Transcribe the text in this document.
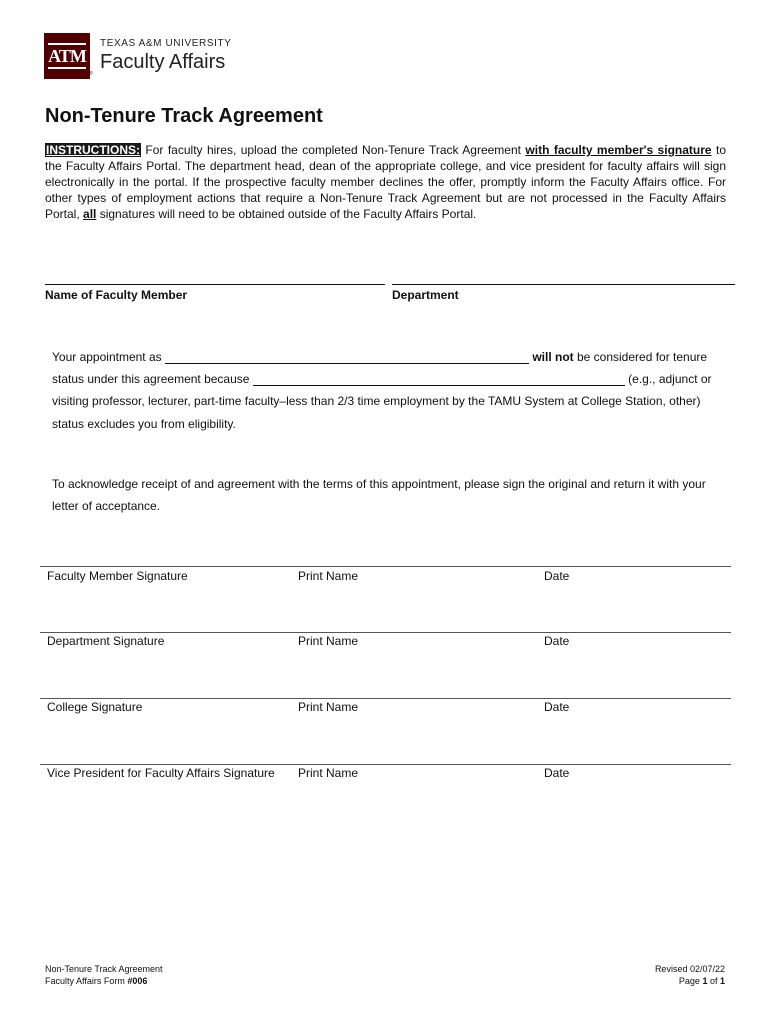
ATM
®
TEXAS A&M UNIVERSITY
Faculty Affairs
Non-Tenure Track Agreement
INSTRUCTIONS: For faculty hires, upload the completed Non-Tenure Track Agreement with faculty member's signature to the Faculty Affairs Portal. The department head, dean of the appropriate college, and vice president for faculty affairs will sign electronically in the portal. If the prospective faculty member declines the offer, promptly inform the Faculty Affairs office. For other types of employment actions that require a Non-Tenure Track Agreement but are not processed in the Faculty Affairs Portal, all signatures will need to be obtained outside of the Faculty Affairs Portal.
Name of Faculty Member	Department
Your appointment as	will not be considered for tenure
status under this agreement because	(e.g., adjunct or
visiting professor, lecturer, part-time faculty–less than 2/3 time employment by the TAMU System at College Station, other)
status excludes you from eligibility.
To acknowledge receipt of and agreement with the terms of this appointment, please sign the original and return it with your
letter of acceptance.
Faculty Member Signature	Print Name	Date
Department Signature	Print Name	Date
College Signature	Print Name	Date
Vice President for Faculty Affairs Signature Print Name	Date
Non-Tenure Track Agreement
Faculty Affairs Form #006
Revised 02/07/22
Page 1 of 1
